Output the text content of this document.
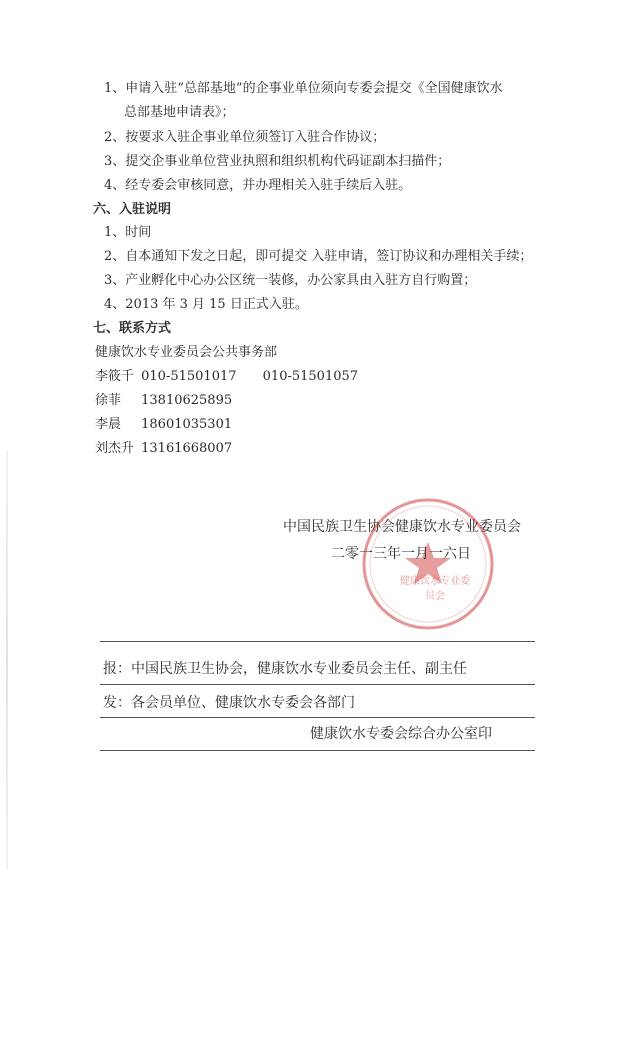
1、申请入驻“总部基地”的企事业单位须向专委会提交《全国健康饮水
总部基地申请表》；
2、按要求入驻企事业单位须签订入驻合作协议；
3、提交企事业单位营业执照和组织机构代码证副本扫描件；
4、经专委会审核同意，并办理相关入驻手续后入驻。
六、入驻说明
1、时间
2、自本通知下发之日起，即可提交 入驻申请，签订协议和办理相关手续；
3、产业孵化中心办公区统一装修，办公家具由入驻方自行购置；
4、2013 年 3 月 15 日正式入驻。
七、联系方式
健康饮水专业委员会公共事务部
李筱千 010-51501017 010-51501057
徐菲 13810625895
李晨 18601035301
刘杰升 13161668007
健康饮水专业委员会
中国民族卫生协会健康饮水专业委员会
二零一三年一月一六日
报：中国民族卫生协会，健康饮水专业委员会主任、副主任
发：各会员单位、健康饮水专委会各部门
健康饮水专委会综合办公室印
